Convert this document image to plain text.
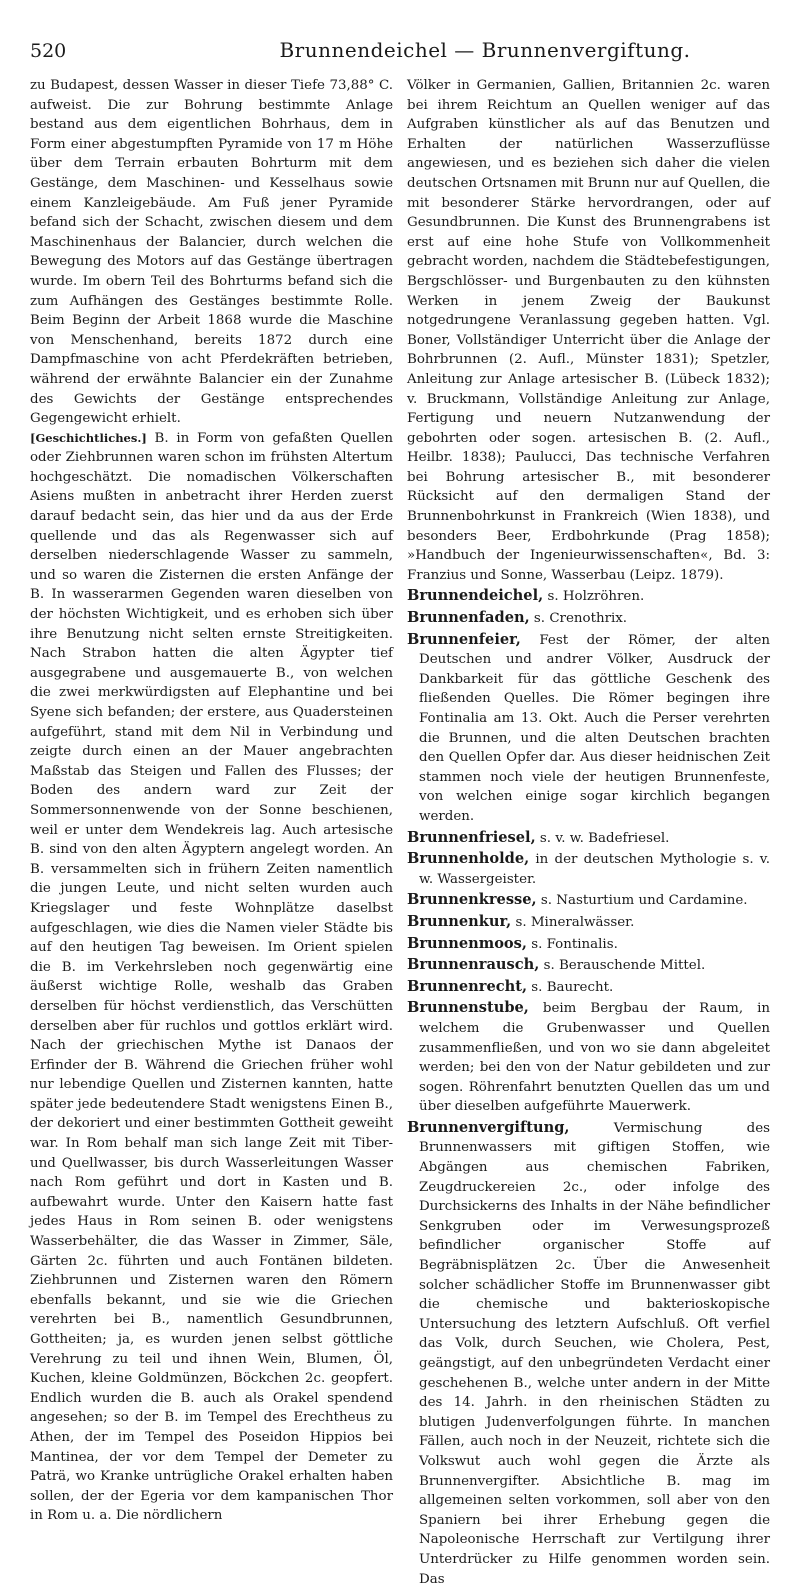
520	Brunnendeichel — Brunnenvergiftung.

zu Budapest, dessen Wasser in dieser Tiefe 73,88° C. aufweist. Die zur Bohrung bestimmte Anlage bestand aus dem eigentlichen Bohrhaus, dem in Form einer abgestumpften Pyramide von 17 m Höhe über dem Terrain erbauten Bohrturm mit dem Gestänge, dem Maschinen- und Kesselhaus sowie einem Kanzleigebäude. Am Fuß jener Pyramide befand sich der Schacht, zwischen diesem und dem Maschinenhaus der Balancier, durch welchen die Bewegung des Motors auf das Gestänge übertragen wurde. Im obern Teil des Bohrturms befand sich die zum Aufhängen des Gestänges bestimmte Rolle. Beim Beginn der Arbeit 1868 wurde die Maschine von Menschenhand, bereits 1872 durch eine Dampfmaschine von acht Pferdekräften betrieben, während der erwähnte Balancier ein der Zunahme des Gewichts der Gestänge entsprechendes Gegengewicht erhielt.

[Geschichtliches.] B. in Form von gefaßten Quellen oder Ziehbrunnen waren schon im frühsten Altertum hochgeschätzt. Die nomadischen Völkerschaften Asiens mußten in anbetracht ihrer Herden zuerst darauf bedacht sein, das hier und da aus der Erde quellende und das als Regenwasser sich auf derselben niederschlagende Wasser zu sammeln, und so waren die Zisternen die ersten Anfänge der B. In wasserarmen Gegenden waren dieselben von der höchsten Wichtigkeit, und es erhoben sich über ihre Benutzung nicht selten ernste Streitigkeiten. Nach Strabon hatten die alten Ägypter tief ausgegrabene und ausgemauerte B., von welchen die zwei merkwürdigsten auf Elephantine und bei Syene sich befanden; der erstere, aus Quadersteinen aufgeführt, stand mit dem Nil in Verbindung und zeigte durch einen an der Mauer angebrachten Maßstab das Steigen und Fallen des Flusses; der Boden des andern ward zur Zeit der Sommersonnenwende von der Sonne beschienen, weil er unter dem Wendekreis lag. Auch artesische B. sind von den alten Ägyptern angelegt worden. An B. versammelten sich in frühern Zeiten namentlich die jungen Leute, und nicht selten wurden auch Kriegslager und feste Wohnplätze daselbst aufgeschlagen, wie dies die Namen vieler Städte bis auf den heutigen Tag beweisen. Im Orient spielen die B. im Verkehrsleben noch gegenwärtig eine äußerst wichtige Rolle, weshalb das Graben derselben für höchst verdienstlich, das Verschütten derselben aber für ruchlos und gottlos erklärt wird. Nach der griechischen Mythe ist Danaos der Erfinder der B. Während die Griechen früher wohl nur lebendige Quellen und Zisternen kannten, hatte später jede bedeutendere Stadt wenigstens Einen B., der dekoriert und einer bestimmten Gottheit geweiht war. In Rom behalf man sich lange Zeit mit Tiber- und Quellwasser, bis durch Wasserleitungen Wasser nach Rom geführt und dort in Kasten und B. aufbewahrt wurde. Unter den Kaisern hatte fast jedes Haus in Rom seinen B. oder wenigstens Wasserbehälter, die das Wasser in Zimmer, Säle, Gärten 2c. führten und auch Fontänen bildeten. Ziehbrunnen und Zisternen waren den Römern ebenfalls bekannt, und sie wie die Griechen verehrten bei B., namentlich Gesundbrunnen, Gottheiten; ja, es wurden jenen selbst göttliche Verehrung zu teil und ihnen Wein, Blumen, Öl, Kuchen, kleine Goldmünzen, Böckchen 2c. geopfert. Endlich wurden die B. auch als Orakel spendend angesehen; so der B. im Tempel des Erechtheus zu Athen, der im Tempel des Poseidon Hippios bei Mantinea, der vor dem Tempel der Demeter zu Paträ, wo Kranke untrügliche Orakel erhalten haben sollen, der der Egeria vor dem kampanischen Thor in Rom u. a. Die nördlichern

Völker in Germanien, Gallien, Britannien 2c. waren bei ihrem Reichtum an Quellen weniger auf das Aufgraben künstlicher als auf das Benutzen und Erhalten der natürlichen Wasserzuflüsse angewiesen, und es beziehen sich daher die vielen deutschen Ortsnamen mit Brunn nur auf Quellen, die mit besonderer Stärke hervordrangen, oder auf Gesundbrunnen. Die Kunst des Brunnengrabens ist erst auf eine hohe Stufe von Vollkommenheit gebracht worden, nachdem die Städtebefestigungen, Bergschlösser- und Burgenbauten zu den kühnsten Werken in jenem Zweig der Baukunst notgedrungene Veranlassung gegeben hatten. Vgl. Boner, Vollständiger Unterricht über die Anlage der Bohrbrunnen (2. Aufl., Münster 1831); Spetzler, Anleitung zur Anlage artesischer B. (Lübeck 1832); v. Bruckmann, Vollständige Anleitung zur Anlage, Fertigung und neuern Nutzanwendung der gebohrten oder sogen. artesischen B. (2. Aufl., Heilbr. 1838); Paulucci, Das technische Verfahren bei Bohrung artesischer B., mit besonderer Rücksicht auf den dermaligen Stand der Brunnenbohrkunst in Frankreich (Wien 1838), und besonders Beer, Erdbohrkunde (Prag 1858); »Handbuch der Ingenieurwissenschaften«, Bd. 3: Franzius und Sonne, Wasserbau (Leipz. 1879).

Brunnendeichel, s. Holzröhren.

Brunnenfaden, s. Crenothrix.

Brunnenfeier, Fest der Römer, der alten Deutschen und andrer Völker, Ausdruck der Dankbarkeit für das göttliche Geschenk des fließenden Quelles. Die Römer begingen ihre Fontinalia am 13. Okt. Auch die Perser verehrten die Brunnen, und die alten Deutschen brachten den Quellen Opfer dar. Aus dieser heidnischen Zeit stammen noch viele der heutigen Brunnenfeste, von welchen einige sogar kirchlich begangen werden.

Brunnenfriesel, s. v. w. Badefriesel.

Brunnenholde, in der deutschen Mythologie s. v. w. Wassergeister.

Brunnenkresse, s. Nasturtium und Cardamine.

Brunnenkur, s. Mineralwässer.

Brunnenmoos, s. Fontinalis.

Brunnenrausch, s. Berauschende Mittel.

Brunnenrecht, s. Baurecht.

Brunnenstube, beim Bergbau der Raum, in welchem die Grubenwasser und Quellen zusammenfließen, und von wo sie dann abgeleitet werden; bei den von der Natur gebildeten und zur sogen. Röhrenfahrt benutzten Quellen das um und über dieselben aufgeführte Mauerwerk.

Brunnenvergiftung, Vermischung des Brunnenwassers mit giftigen Stoffen, wie Abgängen aus chemischen Fabriken, Zeugdruckereien 2c., oder infolge des Durchsickerns des Inhalts in der Nähe befindlicher Senkgruben oder im Verwesungsprozeß befindlicher organischer Stoffe auf Begräbnisplätzen 2c. Über die Anwesenheit solcher schädlicher Stoffe im Brunnenwasser gibt die chemische und bakterioskopische Untersuchung des letztern Aufschluß. Oft verfiel das Volk, durch Seuchen, wie Cholera, Pest, geängstigt, auf den unbegründeten Verdacht einer geschehenen B., welche unter andern in der Mitte des 14. Jahrh. in den rheinischen Städten zu blutigen Judenverfolgungen führte. In manchen Fällen, auch noch in der Neuzeit, richtete sich die Volkswut auch wohl gegen die Ärzte als Brunnenvergifter. Absichtliche B. mag im allgemeinen selten vorkommen, soll aber von den Spaniern bei ihrer Erhebung gegen die Napoleonische Herrschaft zur Vertilgung ihrer Unterdrücker zu Hilfe genommen worden sein. Das
